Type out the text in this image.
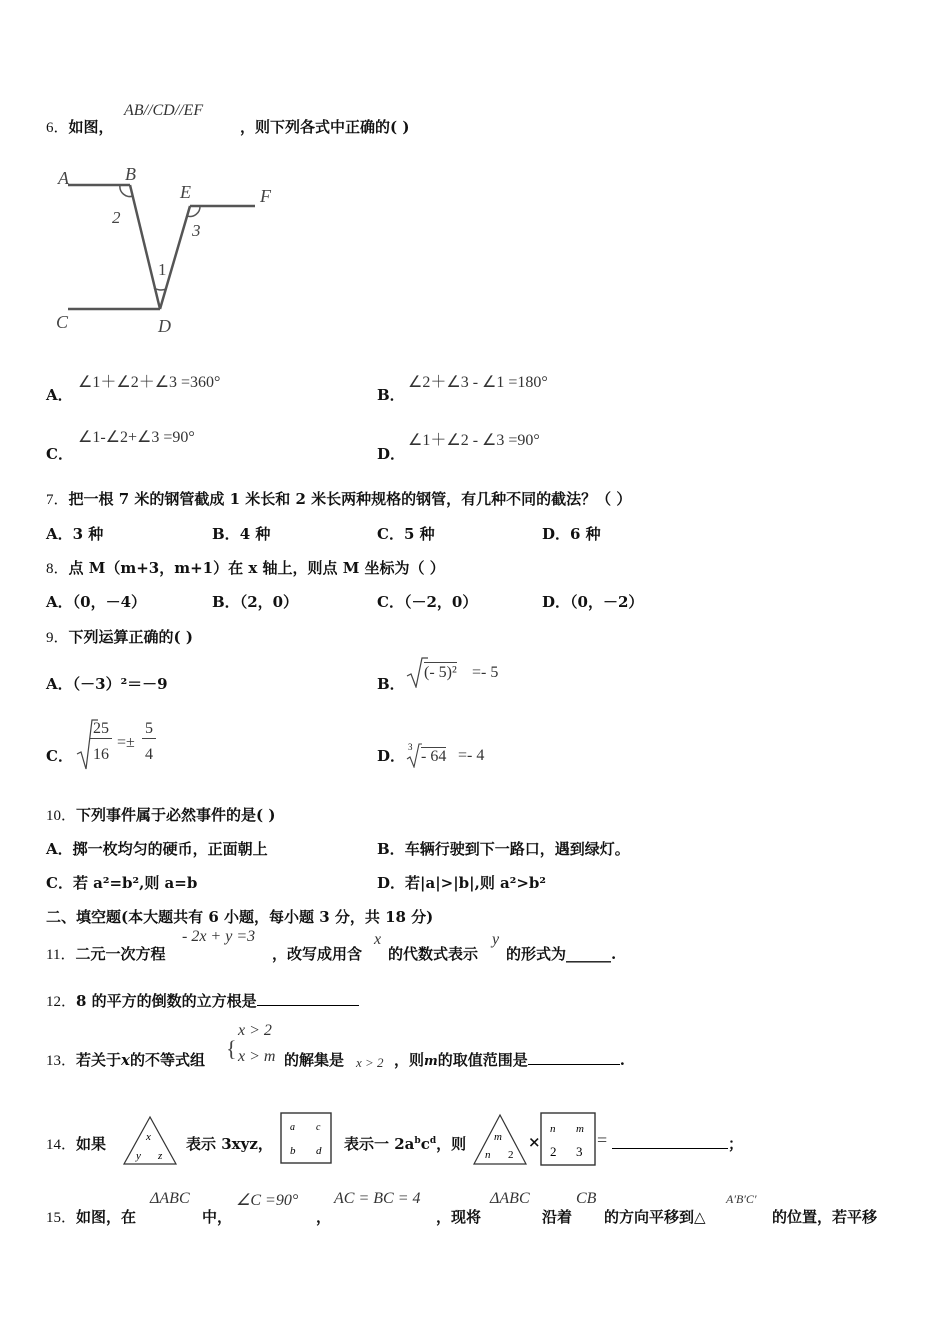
6．如图，
AB//CD//EF
，则下列各式中正确的( )
A	B
E	F
C	D
2
3
1
A．
∠1＋∠2＋∠3 =360°
B．
∠2＋∠3 - ∠1 =180°
C．
∠1-∠2+∠3 =90°
D．
∠1＋∠2 - ∠3 =90°
7．把一根 7 米的钢管截成 1 米长和 2 米长两种规格的钢管，有几种不同的截法？（ ）
A．3 种	B．4 种	C．5 种	D．6 种
8．点 M（m+3，m+1）在 x 轴上，则点 M 坐标为（ ）
A．（0，－4）	B．（2，0）	C．（－2，0）	D．（0，－2）
9．下列运算正确的( )
A．（－3）²＝－9	B．
(- 5)² =- 5
C．
25
16
=±
5
4	D． 3
- 64 =- 4
10．下列事件属于必然事件的是( )
A．掷一枚均匀的硬币，正面朝上	B．车辆行驶到下一路口，遇到绿灯。
C．若 a²=b²,则 a=b	D．若|a|>|b|,则 a²>b²
二、填空题(本大题共有 6 小题，每小题 3 分，共 18 分)
11．二元一次方程
- 2x + y =3
，改写成用含
x
的代数式表示
y
的形式为______.
12．8 的平方的倒数的立方根是
13．若关于x的不等式组 {
x > 2
x > m 的解集是 x > 2 ，则m的取值范围是	.
14．如果	x
y z
表示 3xyz，
a c
b d 表示一 $2a^bc^d$，则	m
n 2
×
n m
2 3
=	；
15．如图，在
ΔABC
中，
∠C =90°
，
AC = BC = 4
，现将
ΔABC
沿着
CB
的方向平移到△
A′B′C′
的位置，若平移
